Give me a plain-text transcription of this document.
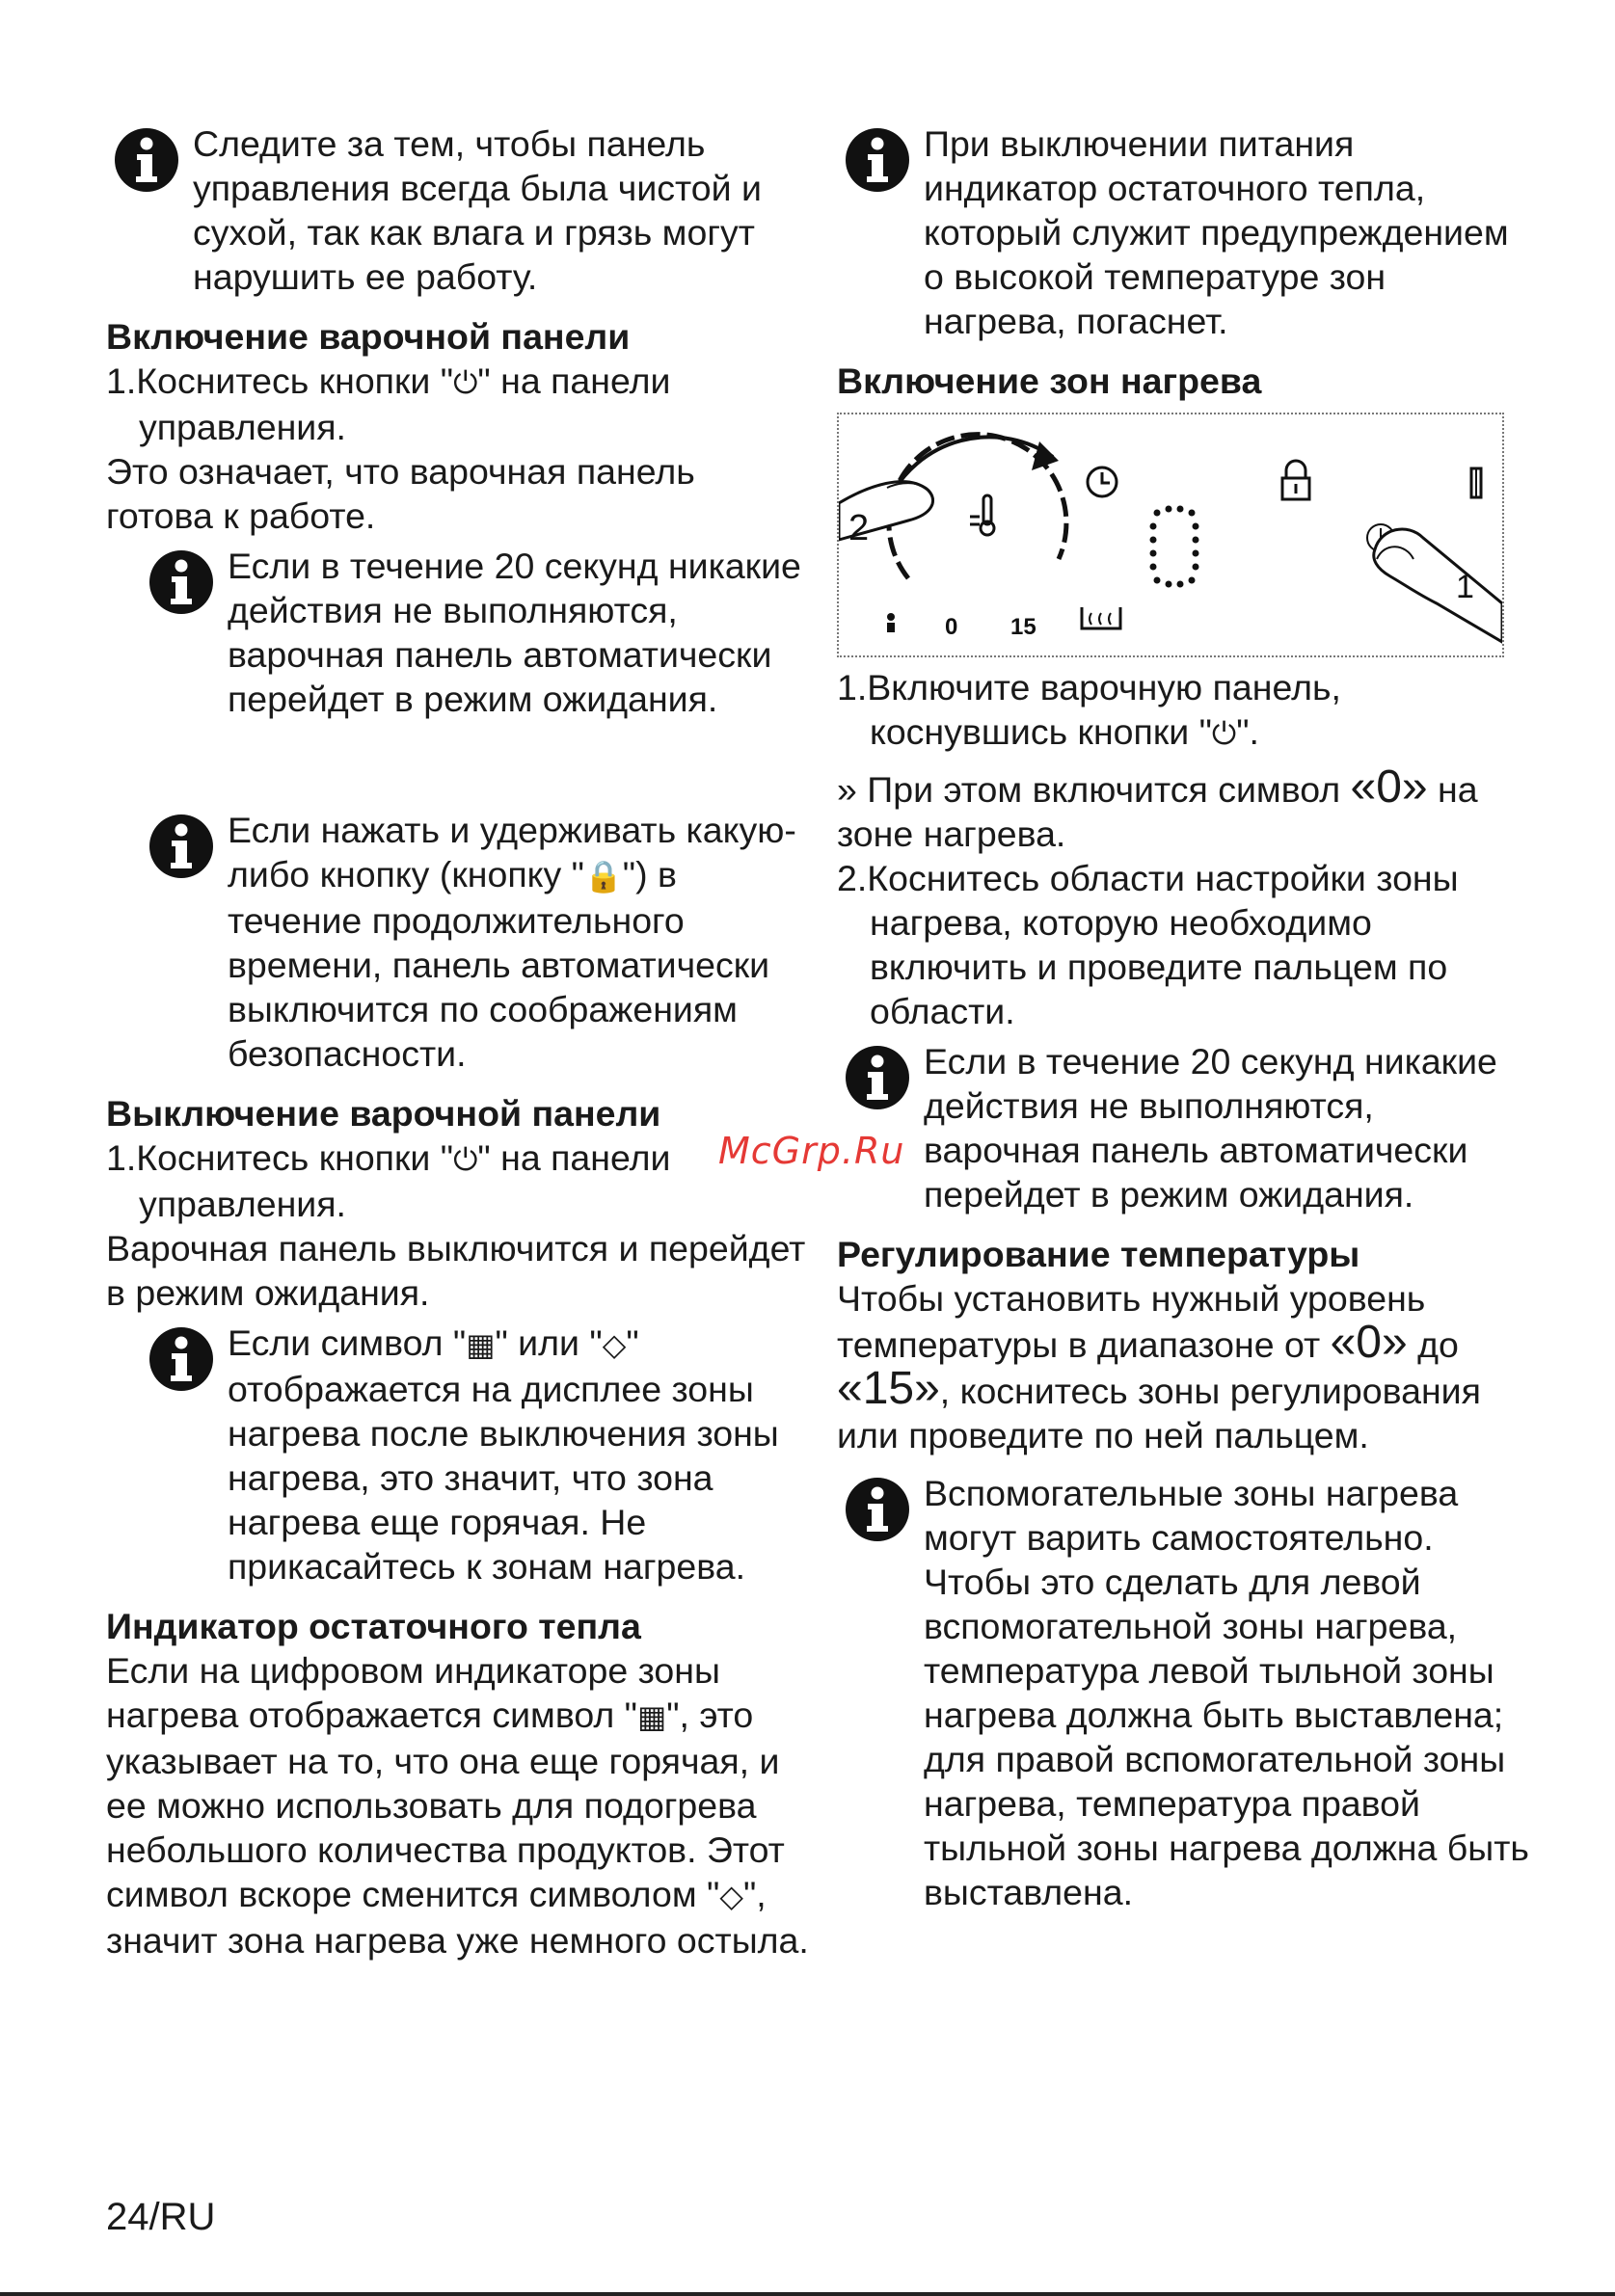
Следите за тем, чтобы панель управления всегда была чистой и сухой, так как влага и грязь могут нарушить ее работу.

Включение варочной панели

1.Коснитесь кнопки "⏻" на панели управления.

Это означает, что варочная панель готова к работе.

Если в течение 20 секунд никакие действия не выполняются, варочная панель автоматически перейдет в режим ожидания.

Если нажать и удерживать какую-либо кнопку (кнопку "🔒") в течение продолжительного времени, панель автоматически выключится по соображениям безопасности.

Выключение варочной панели

1.Коснитесь кнопки "⏻" на панели управления.

Варочная панель выключится и перейдет в режим ожидания.

Если символ "▦" или "◇" отображается на дисплее зоны нагрева после выключения зоны нагрева, это значит, что зона нагрева еще горячая. Не прикасайтесь к зонам нагрева.

Индикатор остаточного тепла

Если на цифровом индикаторе зоны нагрева отображается символ "▦", это указывает на то, что она еще горячая, и ее можно использовать для подогрева небольшого количества продуктов. Этот символ вскоре сменится символом "◇", значит зона нагрева уже немного остыла.

При выключении питания индикатор остаточного тепла, который служит предупреждением о высокой температуре зон нагрева, погаснет.

Включение зон нагрева

2
0 15
1

1.Включите варочную панель, коснувшись кнопки "⏻".

» При этом включится символ «0» на зоне нагрева.

2.Коснитесь области настройки зоны нагрева, которую необходимо включить и проведите пальцем по области.

Если в течение 20 секунд никакие действия не выполняются, варочная панель автоматически перейдет в режим ожидания.

Регулирование температуры

Чтобы установить нужный уровень температуры в диапазоне от «0» до «15», коснитесь зоны регулирования или проведите по ней пальцем.

Вспомогательные зоны нагрева могут варить самостоятельно. Чтобы это сделать для левой вспомогательной зоны нагрева, температура левой тыльной зоны нагрева должна быть выставлена; для правой вспомогательной зоны нагрева, температура правой тыльной зоны нагрева должна быть выставлена.

McGrp.Ru
24/RU
